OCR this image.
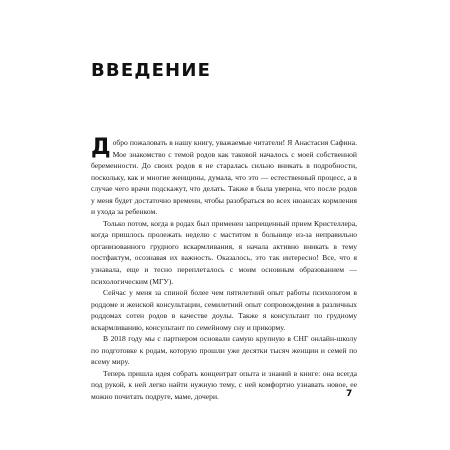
ВВЕДЕНИЕ

Добро пожаловать в нашу книгу, уважаемые читатели! Я Анастасия Сафина. Мое знакомство с темой родов как таковой началось с моей собственной беременности. До своих родов я не старалась сильно вникать в подробности, поскольку, как и многие женщины, думала, что это — естественный процесс, а в случае чего врачи подскажут, что делать. Также я была уверена, что после родов у меня будет достаточно времени, чтобы разобраться во всех нюансах кормления и ухода за ребенком.

Только потом, когда в родах был применен запрещенный прием Кристеллера, когда пришлось пролежать неделю с маститом в больнице из-за неправильно организованного грудного вскармливания, я начала активно вникать в тему постфактум, осознавая их важность. Оказалось, это так интересно! Все, что я узнавала, еще и тесно переплеталось с моим основным образованием — психологическим (МГУ).

Сейчас у меня за спиной более чем пятилетний опыт работы психологом в роддоме и женской консультации, семилетний опыт сопровождения в различных роддомах сотен родов в качестве доулы. Также я консультант по грудному вскармливанию, консультант по семейному сну и прикорму.

В 2018 году мы с партнером основали самую крупную в СНГ онлайн-школу по подготовке к родам, которую прошли уже десятки тысяч женщин и семей по всему миру.

Теперь пришла идея собрать концентрат опыта и знаний в книге: она всегда под рукой, к ней легко найти нужную тему, с ней комфортно узнавать новое, ее можно почитать подруге, маме, дочери.	7
